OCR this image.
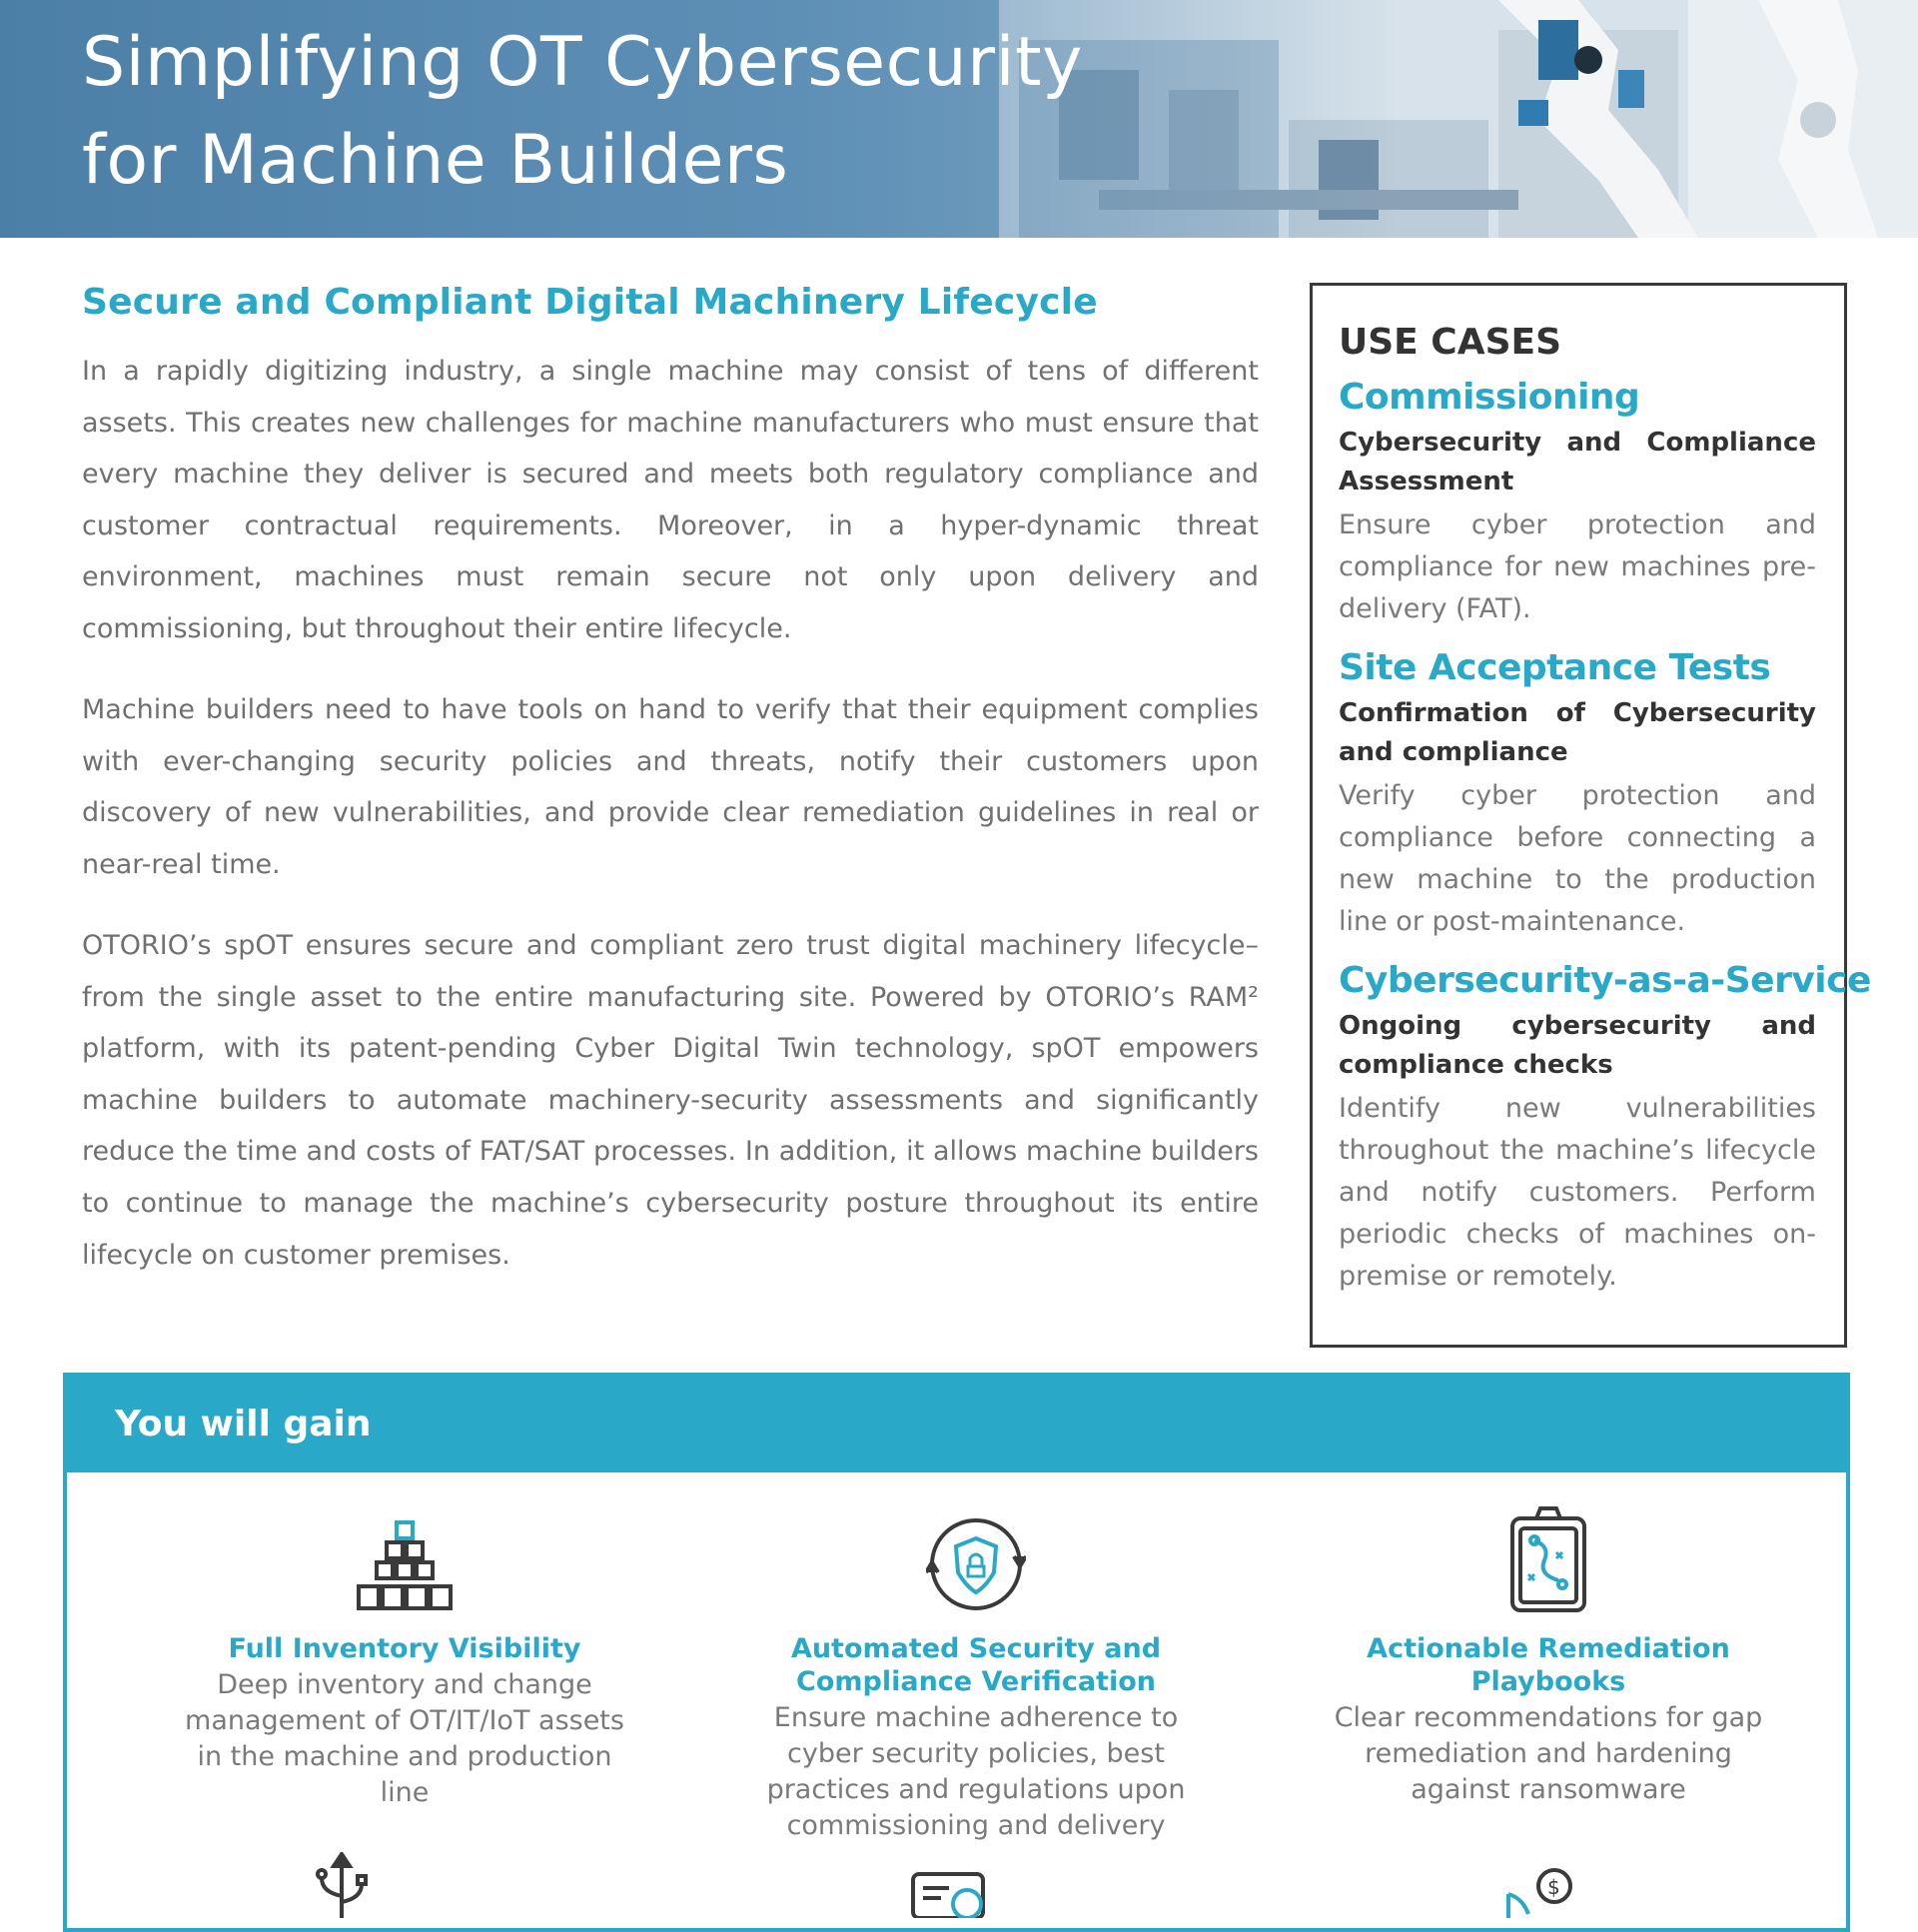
Simplifying OT Cybersecurity
for Machine Builders
Secure and Compliant Digital Machinery Lifecycle

In a rapidly digitizing industry, a single machine may consist of tens of different assets. This creates new challenges for machine manufacturers who must ensure that every machine they deliver is secured and meets both regulatory compliance and customer contractual requirements. Moreover, in a hyper-dynamic threat environment, machines must remain secure not only upon delivery and commissioning, but throughout their entire lifecycle.

Machine builders need to have tools on hand to verify that their equipment complies with ever-changing security policies and threats, notify their customers upon discovery of new vulnerabilities, and provide clear remediation guidelines in real or near-real time.

OTORIO’s spOT ensures secure and compliant zero trust digital machinery lifecycle–from the single asset to the entire manufacturing site. Powered by OTORIO’s RAM² platform, with its patent-pending Cyber Digital Twin technology, spOT empowers machine builders to automate machinery-security assessments and significantly reduce the time and costs of FAT/SAT processes. In addition, it allows machine builders to continue to manage the machine’s cybersecurity posture throughout its entire lifecycle on customer premises.

USE CASES
Commissioning
Cybersecurity and Compliance Assessment
Ensure cyber protection and compliance for new machines pre-delivery (FAT).
Site Acceptance Tests
Confirmation of Cybersecurity and compliance
Verify cyber protection and compliance before connecting a new machine to the production line or post-maintenance.
Cybersecurity-as-a-Service
Ongoing cybersecurity and compliance checks
Identify new vulnerabilities throughout the machine’s lifecycle and notify customers. Perform periodic checks of machines on-premise or remotely.
You will gain
Full Inventory Visibility
Deep inventory and change management of OT/IT/IoT assets in the machine and production line
Automated Security and Compliance Verification
Ensure machine adherence to cyber security policies, best practices and regulations upon commissioning and delivery
Actionable Remediation Playbooks
Clear recommendations for gap remediation and hardening against ransomware
$
